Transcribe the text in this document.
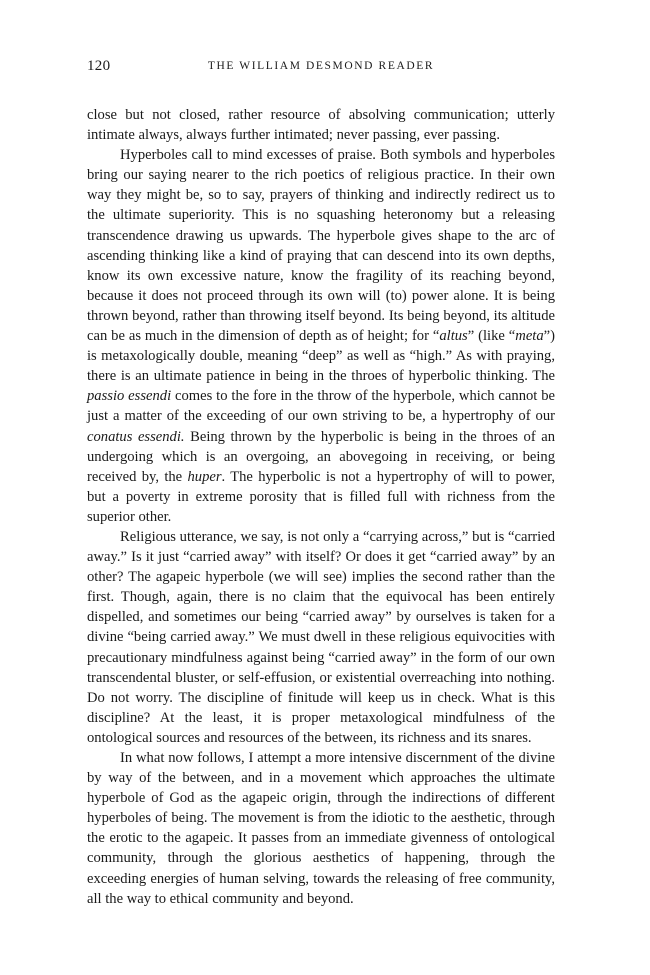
120	THE WILLIAM DESMOND READER

close but not closed, rather resource of absolving communication; utterly intimate always, always further intimated; never passing, ever passing.

Hyperboles call to mind excesses of praise. Both symbols and hyperboles bring our saying nearer to the rich poetics of religious practice. In their own way they might be, so to say, prayers of thinking and indirectly redirect us to the ultimate superiority. This is no squashing heteronomy but a releasing transcendence drawing us upwards. The hyperbole gives shape to the arc of ascending thinking like a kind of praying that can descend into its own depths, know its own excessive nature, know the fragility of its reaching beyond, because it does not proceed through its own will (to) power alone. It is being thrown beyond, rather than throwing itself beyond. Its being beyond, its altitude can be as much in the dimension of depth as of height; for “altus” (like “meta”) is metaxologically double, meaning “deep” as well as “high.” As with praying, there is an ultimate patience in being in the throes of hyperbolic thinking. The passio essendi comes to the fore in the throw of the hyperbole, which cannot be just a matter of the exceeding of our own striving to be, a hypertrophy of our conatus essendi. Being thrown by the hyperbolic is being in the throes of an undergoing which is an overgoing, an abovegoing in receiving, or being received by, the huper. The hyperbolic is not a hypertrophy of will to power, but a poverty in extreme porosity that is filled full with richness from the superior other.

Religious utterance, we say, is not only a “carrying across,” but is “carried away.” Is it just “carried away” with itself? Or does it get “carried away” by an other? The agapeic hyperbole (we will see) implies the second rather than the first. Though, again, there is no claim that the equivocal has been entirely dispelled, and sometimes our being “carried away” by ourselves is taken for a divine “being carried away.” We must dwell in these religious equivocities with precautionary mindfulness against being “carried away” in the form of our own transcendental bluster, or self-effusion, or existential overreaching into nothing. Do not worry. The discipline of finitude will keep us in check. What is this discipline? At the least, it is proper metaxological mindfulness of the ontological sources and resources of the between, its richness and its snares.

In what now follows, I attempt a more intensive discernment of the divine by way of the between, and in a movement which approaches the ultimate hyperbole of God as the agapeic origin, through the indirections of different hyperboles of being. The movement is from the idiotic to the aesthetic, through the erotic to the agapeic. It passes from an immediate givenness of ontological community, through the glorious aesthetics of happening, through the exceeding energies of human selving, towards the releasing of free community, all the way to ethical community and beyond.
